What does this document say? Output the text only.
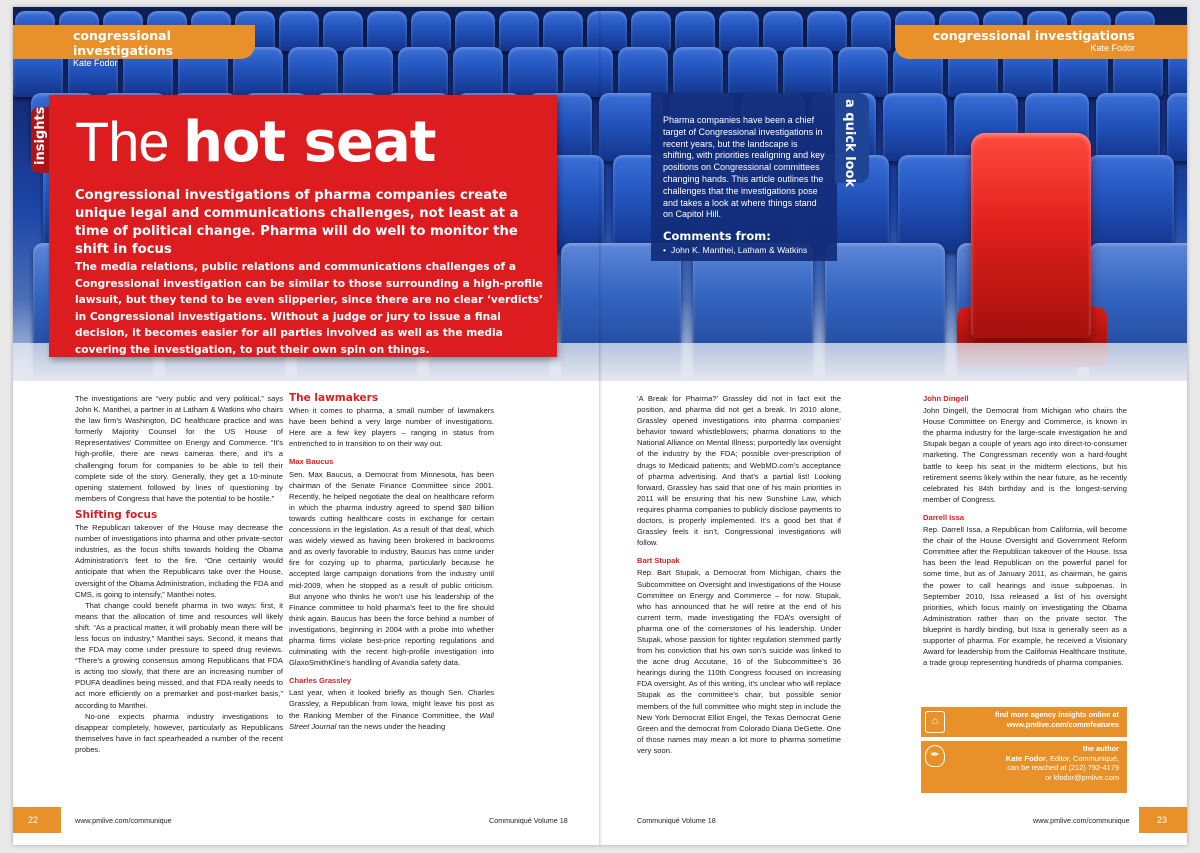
congressional investigations
Kate Fodor
congressional investigations
Kate Fodor
insights The hot seat
Congressional investigations of pharma companies create unique legal and communications challenges, not least at a time of political change. Pharma will do well to monitor the shift in focus
The media relations, public relations and communications challenges of a Congressional investigation can be similar to those surrounding a high-profile lawsuit, but they tend to be even slipperier, since there are no clear ‘verdicts’ in Congressional investigations. Without a judge or jury to issue a final decision, it becomes easier for all parties involved as well as the media covering the investigation, to put their own spin on things.

Pharma companies have been a chief target of Congressional investigations in recent years, but the landscape is shifting, with priorities realigning and key positions on Congressional committees changing hands. This article outlines the challenges that the investigations pose and takes a look at where things stand on Capitol Hill.

Comments from:
• John K. Manthei, Latham & Watkins
a quick look

The investigations are “very public and very political,” says John K. Manthei, a partner in at Latham & Watkins who chairs the law firm’s Washington, DC healthcare practice and was formerly Majority Counsel for the US House of Representatives’ Committee on Energy and Commerce. “It’s high-profile, there are news cameras there, and it’s a challenging forum for companies to be able to tell their complete side of the story. Generally, they get a 10-minute opening statement followed by lines of questioning by members of Congress that have the potential to be hostile.”

Shifting focus

The Republican takeover of the House may decrease the number of investigations into pharma and other private-sector industries, as the focus shifts towards holding the Obama Administration’s feet to the fire. “One certainly would anticipate that when the Republicans take over the House, oversight of the Obama Administration, including the FDA and CMS, is going to intensify,” Manthei notes.

That change could benefit pharma in two ways: first, it means that the allocation of time and resources will likely shift. “As a practical matter, it will probably mean there will be less focus on industry,” Manthei says. Second, it means that the FDA may come under pressure to speed drug reviews. “There’s a growing consensus among Republicans that FDA is acting too slowly, that there are an increasing number of PDUFA deadlines being missed, and that FDA really needs to act more efficiently on a premarket and post-market basis,” according to Manthei.

No-one expects pharma industry investigations to disappear completely, however, particularly as Republicans themselves have in fact spearheaded a number of the recent probes.

The lawmakers

When it comes to pharma, a small number of lawmakers have been behind a very large number of investigations. Here are a few key players – ranging in status from entrenched to in transition to on their way out.

Max Baucus

Sen. Max Baucus, a Democrat from Minnesota, has been chairman of the Senate Finance Committee since 2001. Recently, he helped negotiate the deal on healthcare reform in which the pharma industry agreed to spend $80 billion towards cutting healthcare costs in exchange for certain concessions in the legislation. As a result of that deal, which was widely viewed as having been brokered in backrooms and as overly favorable to industry, Baucus has come under fire for cozying up to pharma, particularly because he accepted large campaign donations from the industry until mid-2009, when he stopped as a result of public criticism. But anyone who thinks he won’t use his leadership of the Finance committee to hold pharma’s feet to the fire should think again. Baucus has been the force behind a number of investigations, beginning in 2004 with a probe into whether pharma firms violate best-price reporting regulations and culminating with the recent high-profile investigation into GlaxoSmithKline’s handling of Avandia safety data.

Charles Grassley

Last year, when it looked briefly as though Sen. Charles Grassley, a Republican from Iowa, might leave his post as the Ranking Member of the Finance Committee, the Wall Street Journal ran the news under the heading

‘A Break for Pharma?’ Grassley did not in fact exit the position, and pharma did not get a break. In 2010 alone, Grassley opened investigations into pharma companies’ behavior toward whistleblowers; pharma donations to the National Alliance on Mental Illness; purportedly lax oversight of the industry by the FDA; possible over-prescription of drugs to Medicaid patients; and WebMD.com’s acceptance of pharma advertising. And that’s a partial list! Looking forward, Grassley has said that one of his main priorities in 2011 will be ensuring that his new Sunshine Law, which requires pharma companies to publicly disclose payments to doctors, is properly implemented. It’s a good bet that if Grassley feels it isn’t, Congressional investigations will follow.

Bart Stupak

Rep. Bart Stupak, a Democrat from Michigan, chairs the Subcommittee on Oversight and Investigations of the House Committee on Energy and Commerce – for now. Stupak, who has announced that he will retire at the end of his current term, made investigating the FDA’s oversight of pharma one of the cornerstones of his leadership. Under Stupak, whose passion for tighter regulation stemmed partly from his conviction that his own son’s suicide was linked to the acne drug Accutane, 16 of the Subcommittee’s 36 hearings during the 110th Congress focused on increasing FDA oversight. As of this writing, it’s unclear who will replace Stupak as the committee’s chair, but possible senior members of the full committee who might step in include the New York Democrat Elliot Engel, the Texas Democrat Gene Green and the democrat from Colorado Diana DeGette. One of those names may mean a lot more to pharma sometime very soon.

John Dingell

John Dingell, the Democrat from Michigan who chairs the House Committee on Energy and Commerce, is known in the pharma industry for the large-scale investigation he and Stupak began a couple of years ago into direct-to-consumer marketing. The Congressman recently won a hard-fought battle to keep his seat in the midterm elections, but his retirement seems likely within the near future, as he recently celebrated his 84th birthday and is the longest-serving member of Congress.

Darrell Issa

Rep. Darrell Issa, a Republican from California, will become the chair of the House Oversight and Government Reform Committee after the Republican takeover of the House. Issa has been the lead Republican on the powerful panel for some time, but as of January 2011, as chairman, he gains the power to call hearings and issue subpoenas. In September 2010, Issa released a list of his oversight priorities, which focus mainly on investigating the Obama Administration rather than on the private sector. The blueprint is hardly binding, but Issa is generally seen as a supporter of pharma. For example, he received a Visionary Award for leadership from the California Healthcare Institute, a trade group representing hundreds of pharma companies.

⌂
find more agency insights online at
www.pmlive.com/commfeatures
✒
the author
Kate Fodor, Editor, Communiqué,
can be reached at (212) 792-4179
or kfodor@pmlive.com
22	23
www.pmlive.com/communique	Communiqué Volume 18	Communiqué Volume 18	www.pmlive.com/communique
